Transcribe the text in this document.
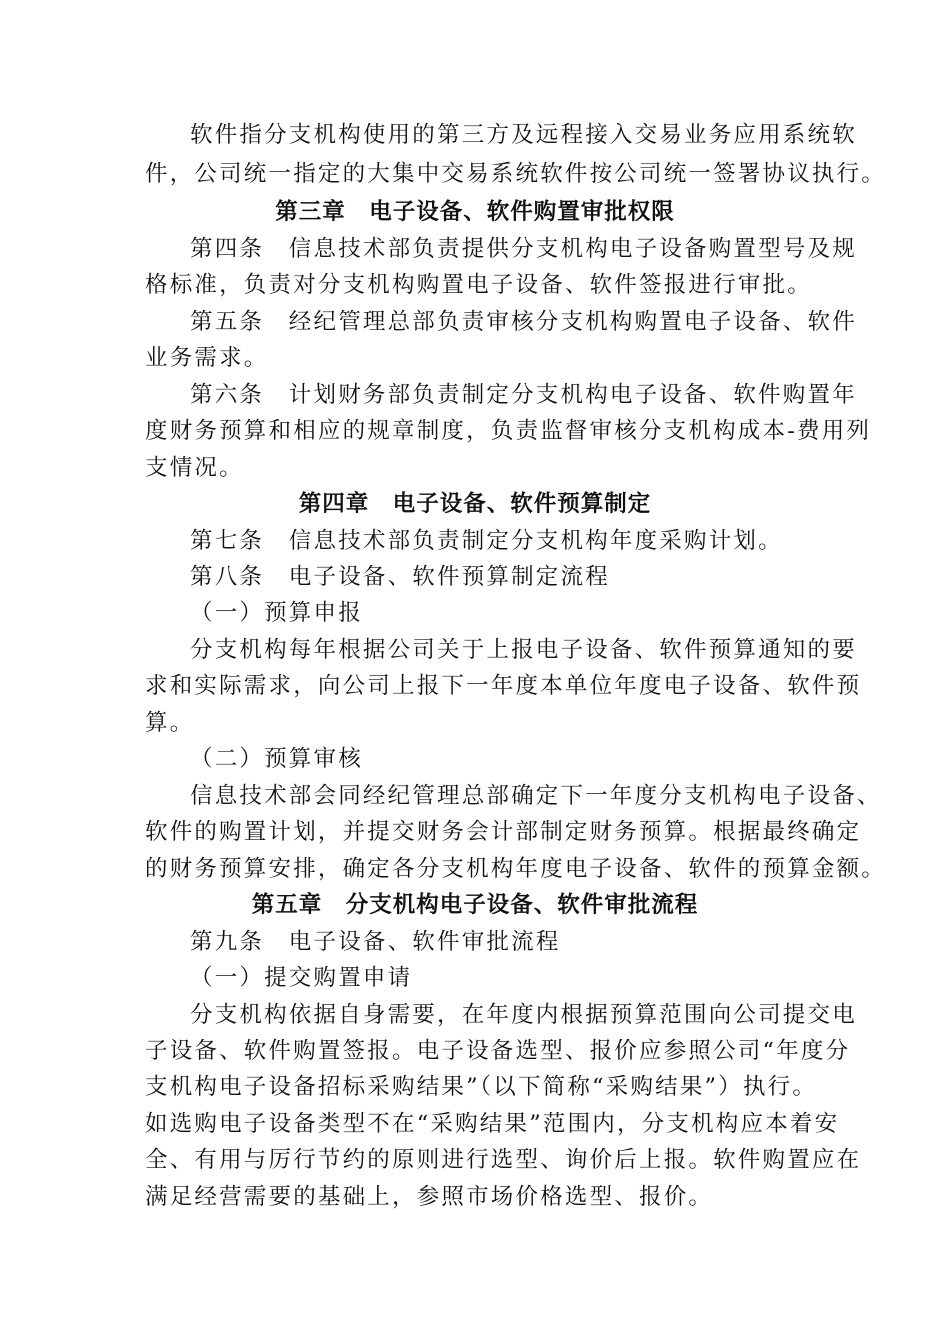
软件指分支机构使用的第三方及远程接入交易业务应用系统软
件，公司统一指定的大集中交易系统软件按公司统一签署协议执行。
第三章　电子设备、软件购置审批权限
第四条　信息技术部负责提供分支机构电子设备购置型号及规
格标准，负责对分支机构购置电子设备、软件签报进行审批。
第五条　经纪管理总部负责审核分支机构购置电子设备、软件
业务需求。
第六条　计划财务部负责制定分支机构电子设备、软件购置年
度财务预算和相应的规章制度，负责监督审核分支机构成本-费用列
支情况。
第四章　电子设备、软件预算制定
第七条　信息技术部负责制定分支机构年度采购计划。
第八条　电子设备、软件预算制定流程
（一）预算申报
分支机构每年根据公司关于上报电子设备、软件预算通知的要
求和实际需求，向公司上报下一年度本单位年度电子设备、软件预
算。
（二）预算审核
信息技术部会同经纪管理总部确定下一年度分支机构电子设备、
软件的购置计划，并提交财务会计部制定财务预算。根据最终确定
的财务预算安排，确定各分支机构年度电子设备、软件的预算金额。
第五章　分支机构电子设备、软件审批流程
第九条　电子设备、软件审批流程
（一）提交购置申请
分支机构依据自身需要，在年度内根据预算范围向公司提交电
子设备、软件购置签报。电子设备选型、报价应参照公司“年度分
支机构电子设备招标采购结果”（以下简称“采购结果”）执行。
如选购电子设备类型不在“采购结果”范围内，分支机构应本着安
全、有用与厉行节约的原则进行选型、询价后上报。软件购置应在
满足经营需要的基础上，参照市场价格选型、报价。
